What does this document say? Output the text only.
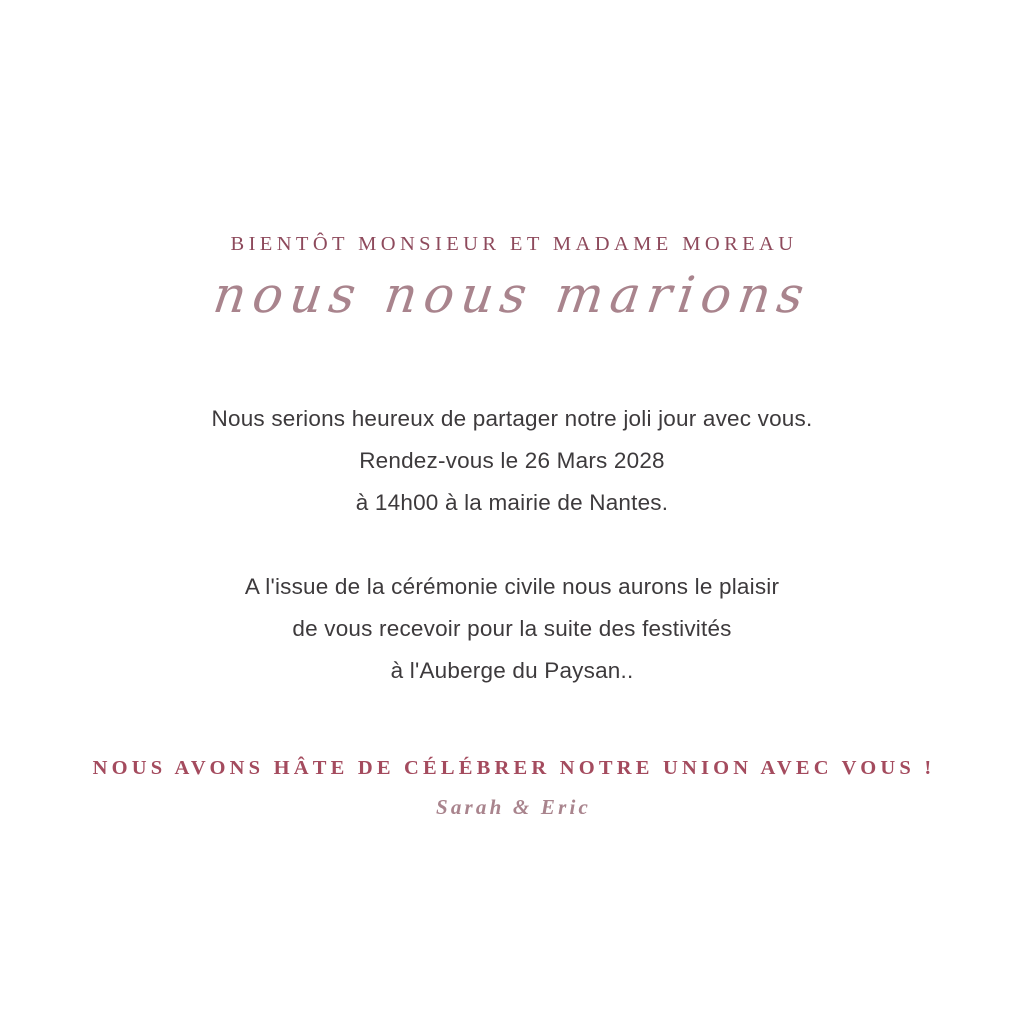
BIENTÔT MONSIEUR ET MADAME MOREAU
nous nous marions
Nous serions heureux de partager notre joli jour avec vous.
Rendez-vous le 26 Mars 2028
à 14h00 à la mairie de Nantes.
A l'issue de la cérémonie civile nous aurons le plaisir
de vous recevoir pour la suite des festivités
à l'Auberge du Paysan..
NOUS AVONS HÂTE DE CÉLÉBRER NOTRE UNION AVEC VOUS !
Sarah & Eric
